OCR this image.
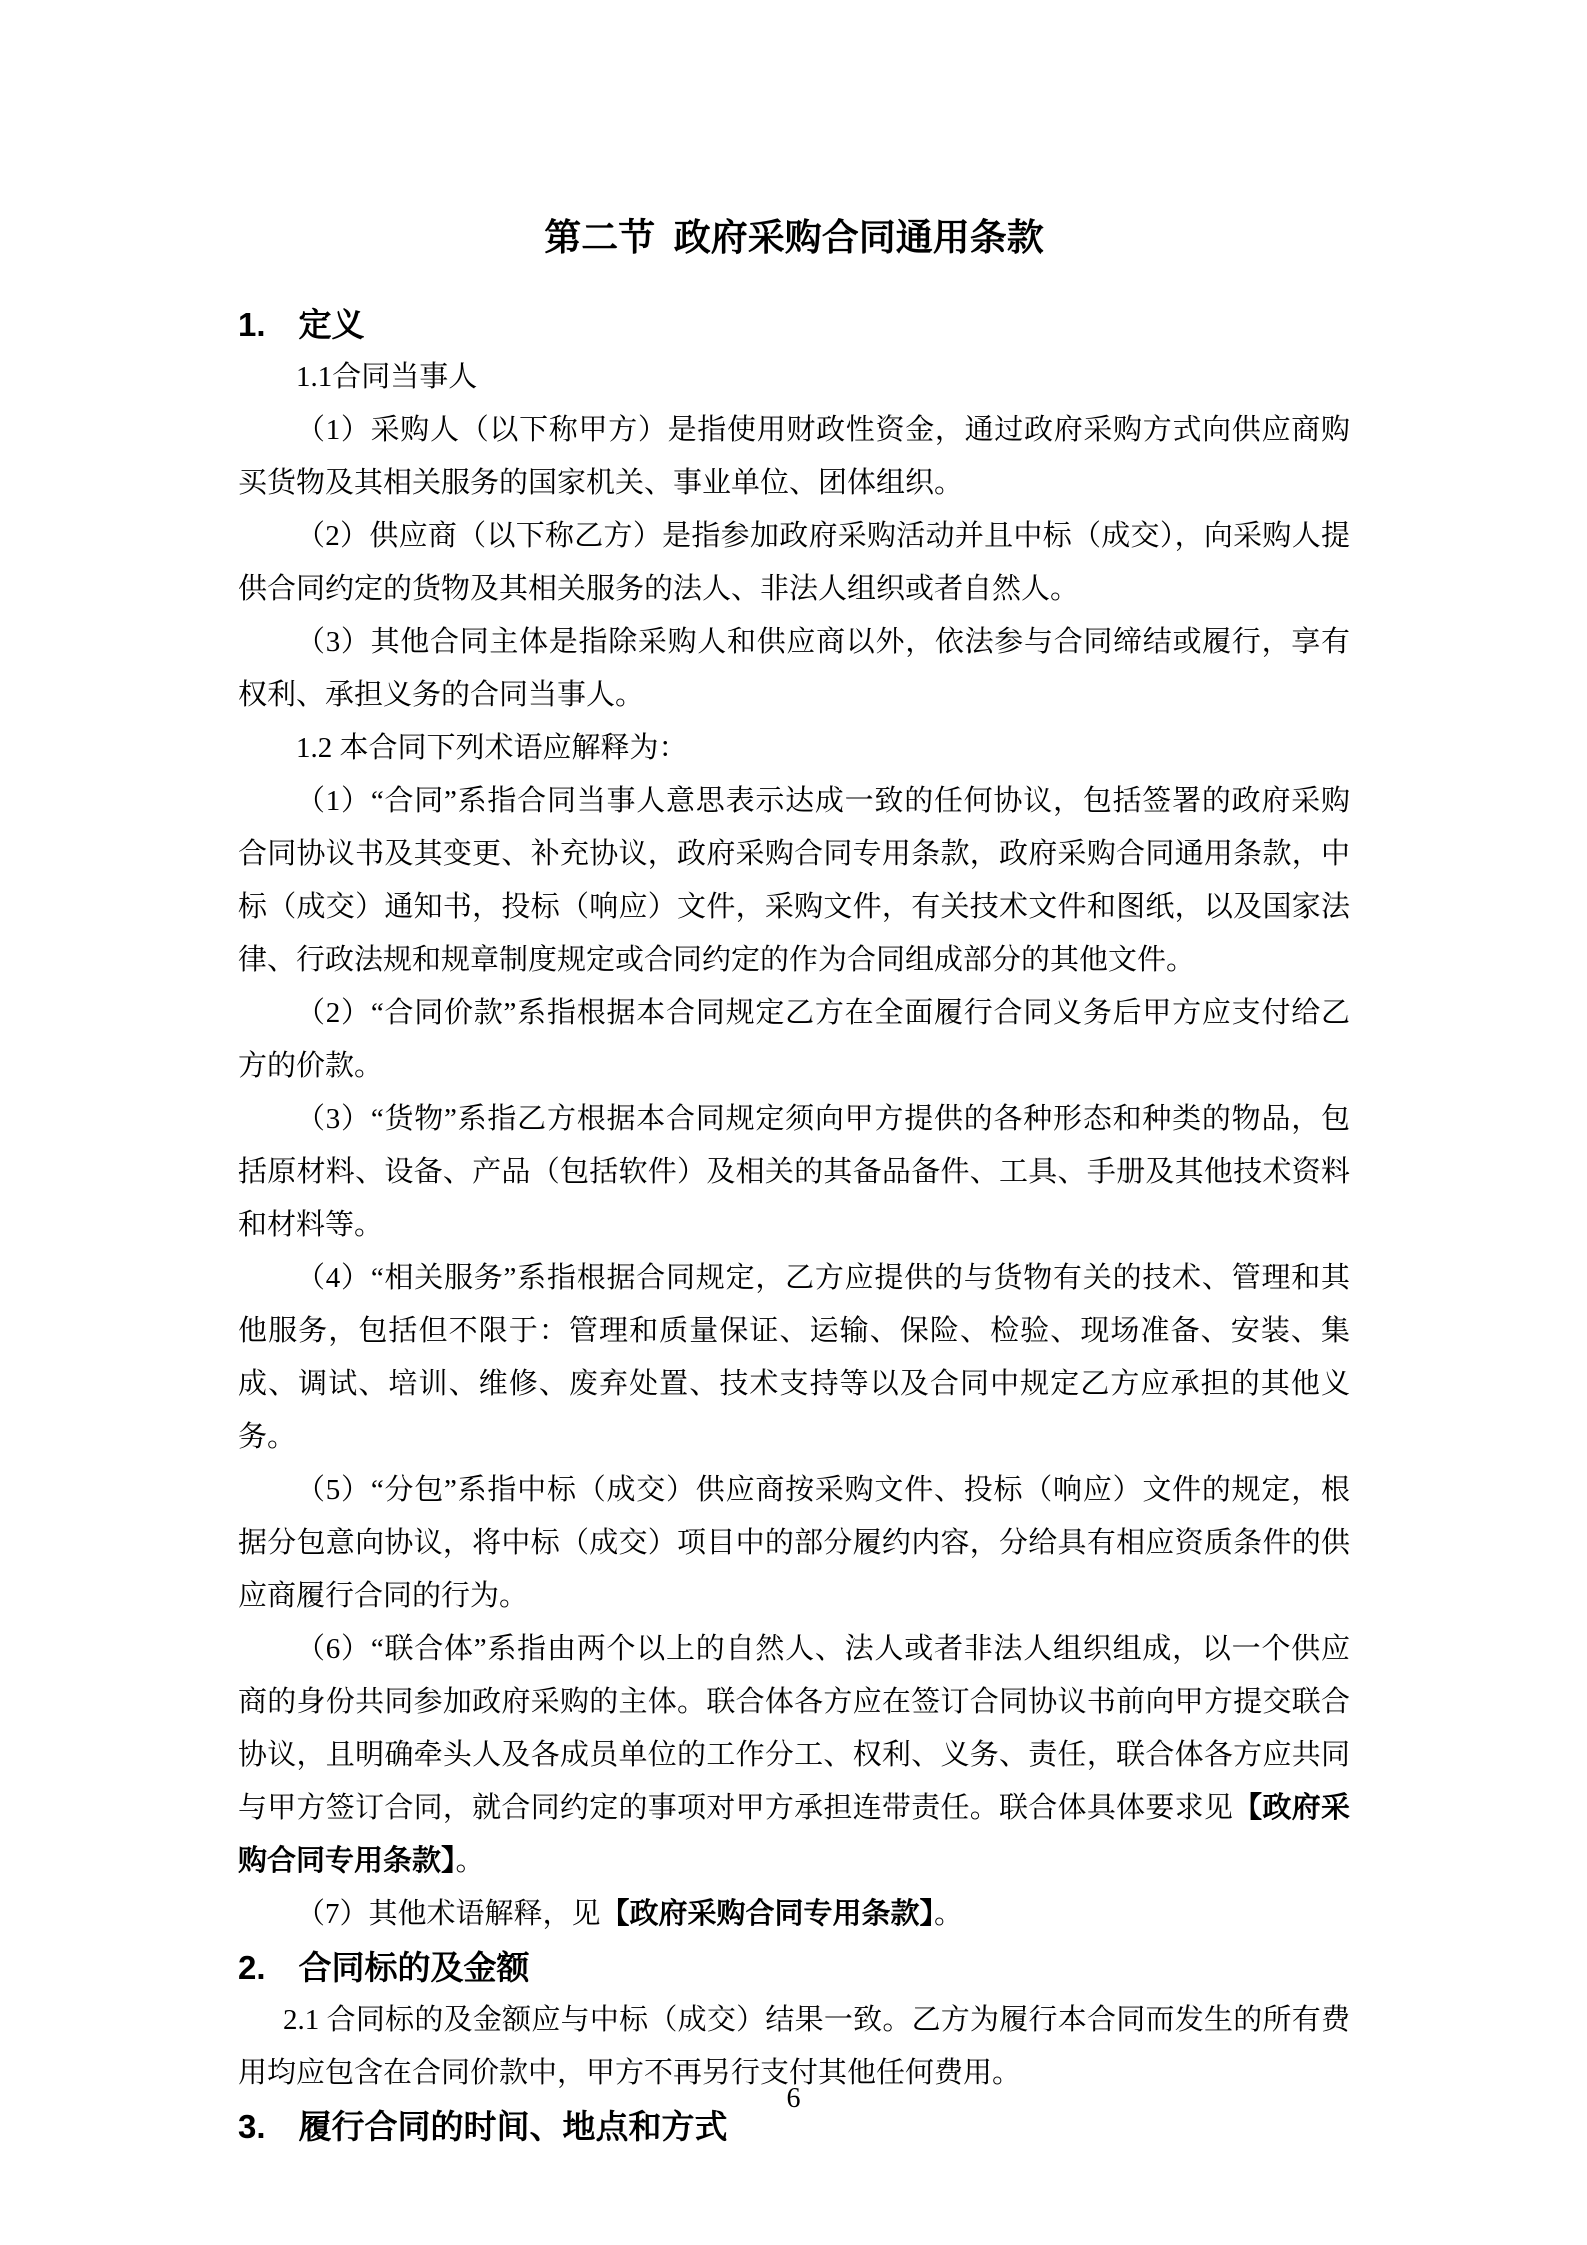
第二节 政府采购合同通用条款
1. 定义

1.1合同当事人

（1）采购人（以下称甲方）是指使用财政性资金，通过政府采购方式向供应商购买货物及其相关服务的国家机关、事业单位、团体组织。

（2）供应商（以下称乙方）是指参加政府采购活动并且中标（成交），向采购人提供合同约定的货物及其相关服务的法人、非法人组织或者自然人。

（3）其他合同主体是指除采购人和供应商以外，依法参与合同缔结或履行，享有权利、承担义务的合同当事人。

1.2 本合同下列术语应解释为：

（1）“合同”系指合同当事人意思表示达成一致的任何协议，包括签署的政府采购合同协议书及其变更、补充协议，政府采购合同专用条款，政府采购合同通用条款，中标（成交）通知书，投标（响应）文件，采购文件，有关技术文件和图纸，以及国家法律、行政法规和规章制度规定或合同约定的作为合同组成部分的其他文件。

（2）“合同价款”系指根据本合同规定乙方在全面履行合同义务后甲方应支付给乙方的价款。

（3）“货物”系指乙方根据本合同规定须向甲方提供的各种形态和种类的物品，包括原材料、设备、产品（包括软件）及相关的其备品备件、工具、手册及其他技术资料和材料等。

（4）“相关服务”系指根据合同规定，乙方应提供的与货物有关的技术、管理和其他服务，包括但不限于：管理和质量保证、运输、保险、检验、现场准备、安装、集成、调试、培训、维修、废弃处置、技术支持等以及合同中规定乙方应承担的其他义务。

（5）“分包”系指中标（成交）供应商按采购文件、投标（响应）文件的规定，根据分包意向协议，将中标（成交）项目中的部分履约内容，分给具有相应资质条件的供应商履行合同的行为。

（6）“联合体”系指由两个以上的自然人、法人或者非法人组织组成，以一个供应商的身份共同参加政府采购的主体。联合体各方应在签订合同协议书前向甲方提交联合协议，且明确牵头人及各成员单位的工作分工、权利、义务、责任，联合体各方应共同与甲方签订合同，就合同约定的事项对甲方承担连带责任。联合体具体要求见【政府采购合同专用条款】。

（7）其他术语解释，见【政府采购合同专用条款】。

2. 合同标的及金额

2.1 合同标的及金额应与中标（成交）结果一致。乙方为履行本合同而发生的所有费用均应包含在合同价款中，甲方不再另行支付其他任何费用。

3. 履行合同的时间、地点和方式
6
